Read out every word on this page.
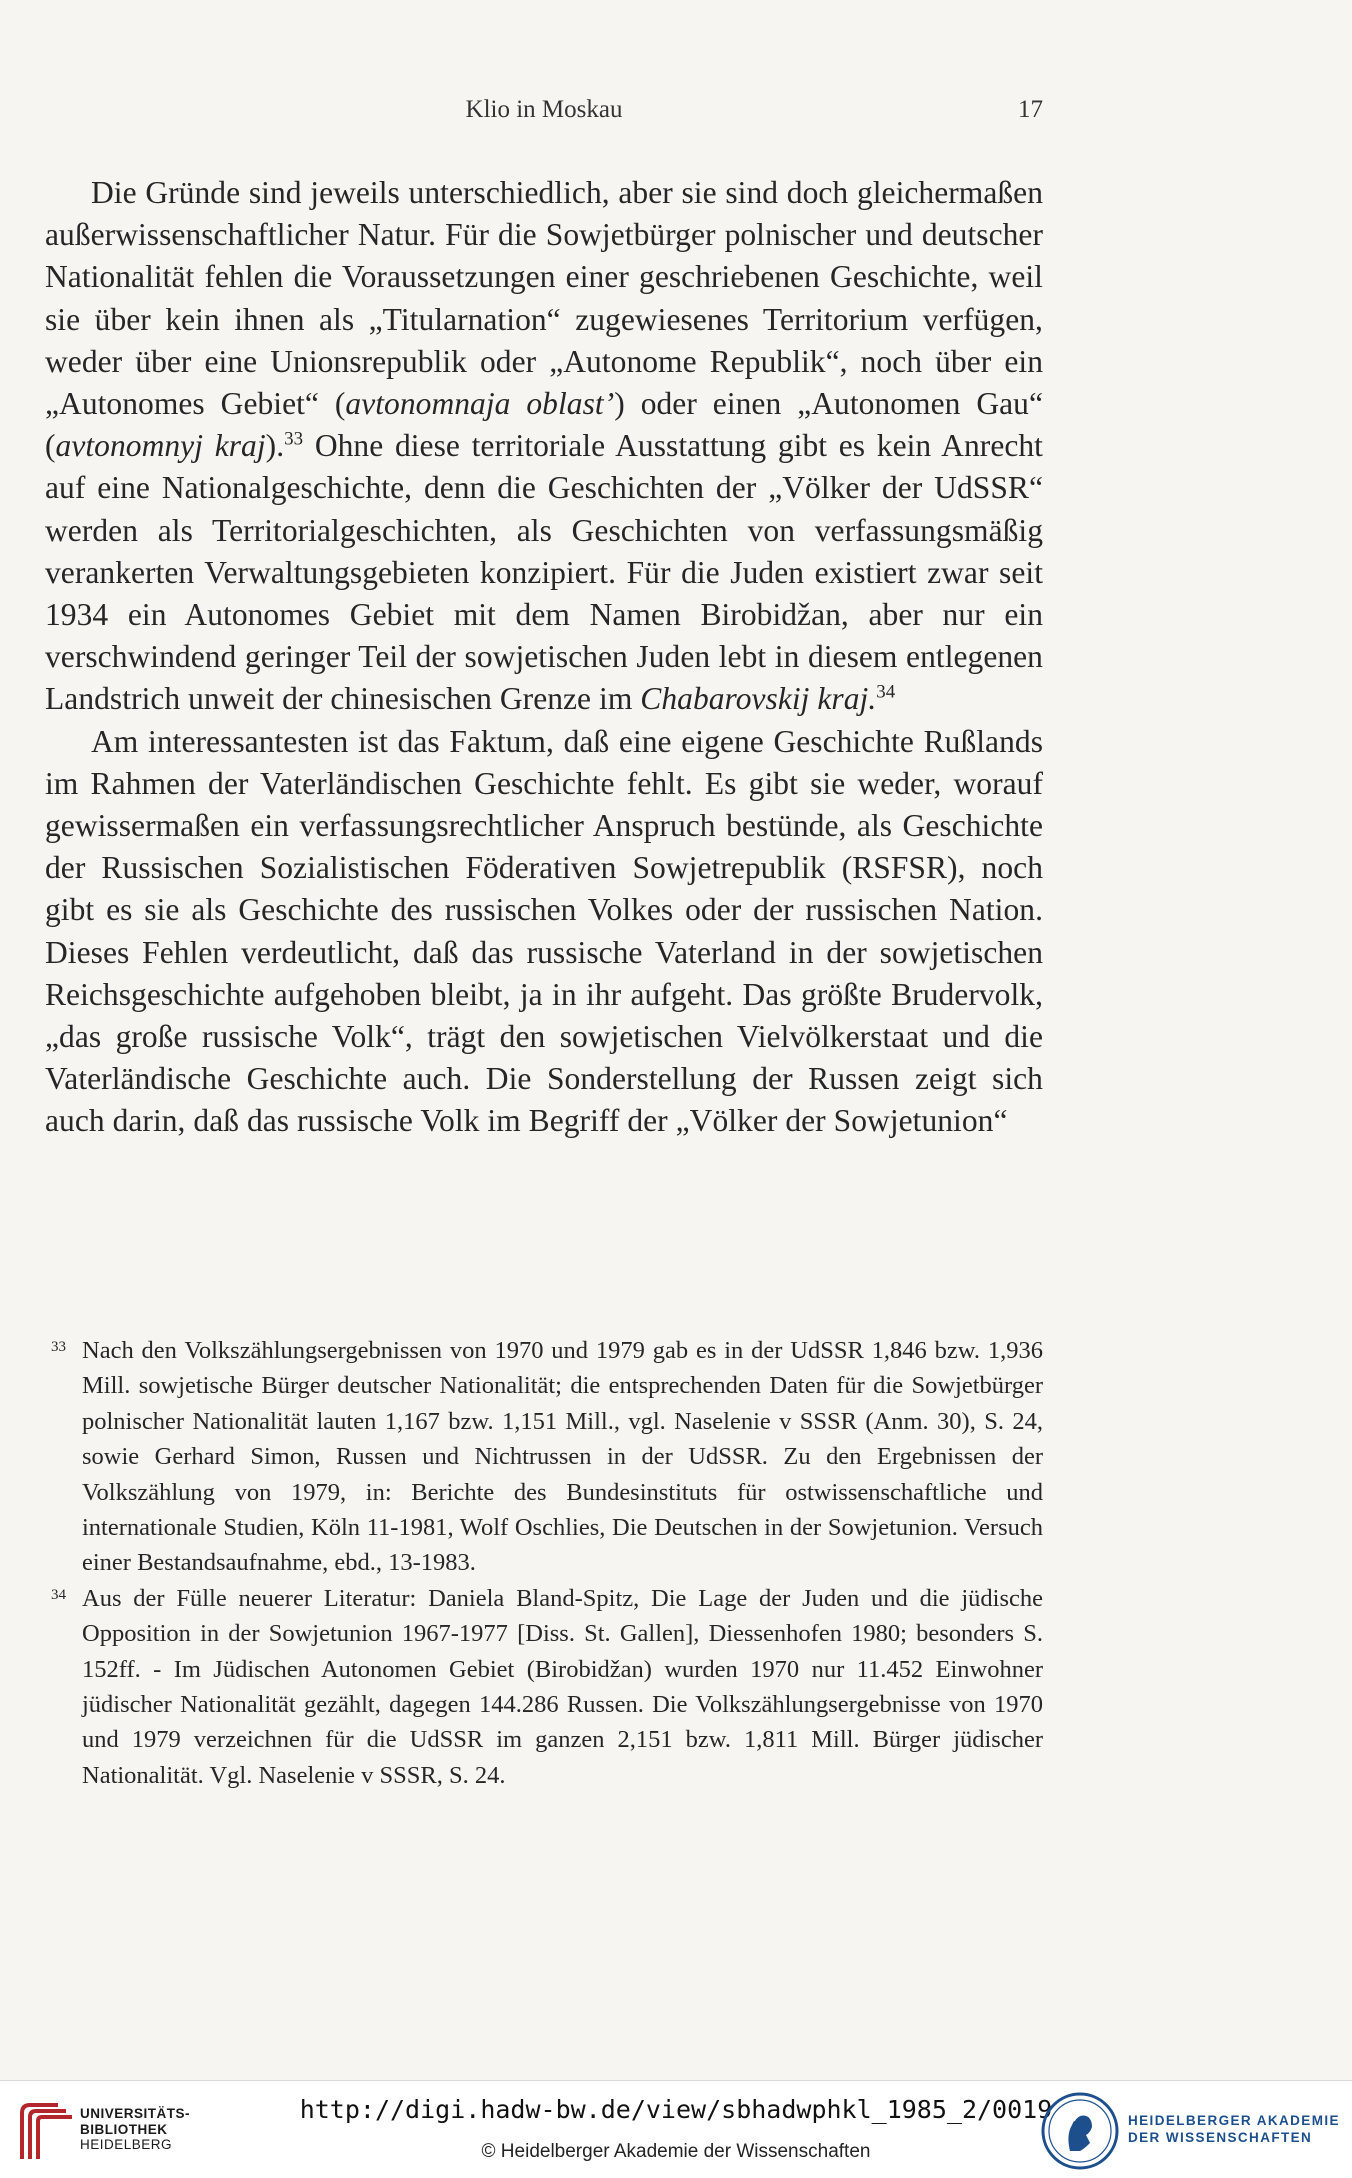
Klio in Moskau	17

Die Gründe sind jeweils unterschiedlich, aber sie sind doch gleichermaßen außerwissenschaftlicher Natur. Für die Sowjetbürger polnischer und deutscher Nationalität fehlen die Voraussetzungen einer geschriebenen Geschichte, weil sie über kein ihnen als „Titularnation“ zugewiesenes Territorium verfügen, weder über eine Unionsrepublik oder „Autonome Republik“, noch über ein „Autonomes Gebiet“ (avtonomnaja oblast’) oder einen „Autonomen Gau“ (avtonomnyj kraj).$^{33}$ Ohne diese territoriale Ausstattung gibt es kein Anrecht auf eine Nationalgeschichte, denn die Geschichten der „Völker der UdSSR“ werden als Territorialgeschichten, als Geschichten von verfassungsmäßig verankerten Verwaltungsgebieten konzipiert. Für die Juden existiert zwar seit 1934 ein Autonomes Gebiet mit dem Namen Birobidžan, aber nur ein verschwindend geringer Teil der sowjetischen Juden lebt in diesem entlegenen Landstrich unweit der chinesischen Grenze im Chabarovskij kraj.$^{34}$

Am interessantesten ist das Faktum, daß eine eigene Geschichte Rußlands im Rahmen der Vaterländischen Geschichte fehlt. Es gibt sie weder, worauf gewissermaßen ein verfassungsrechtlicher Anspruch bestünde, als Geschichte der Russischen Sozialistischen Föderativen Sowjetrepublik (RSFSR), noch gibt es sie als Geschichte des russischen Volkes oder der russischen Nation. Dieses Fehlen verdeutlicht, daß das russische Vaterland in der sowjetischen Reichsgeschichte aufgehoben bleibt, ja in ihr aufgeht. Das größte Brudervolk, „das große russische Volk“, trägt den sowjetischen Vielvölkerstaat und die Vaterländische Geschichte auch. Die Sonderstellung der Russen zeigt sich auch darin, daß das russische Volk im Begriff der „Völker der Sowjetunion“

33 Nach den Volkszählungsergebnissen von 1970 und 1979 gab es in der UdSSR 1,846 bzw. 1,936 Mill. sowjetische Bürger deutscher Nationalität; die entsprechenden Daten für die Sowjetbürger polnischer Nationalität lauten 1,167 bzw. 1,151 Mill., vgl. Naselenie v SSSR (Anm. 30), S. 24, sowie Gerhard Simon, Russen und Nichtrussen in der UdSSR. Zu den Ergebnissen der Volkszählung von 1979, in: Berichte des Bundesinstituts für ostwissenschaftliche und internationale Studien, Köln 11-1981, Wolf Oschlies, Die Deutschen in der Sowjetunion. Versuch einer Bestandsaufnahme, ebd., 13-1983.

34 Aus der Fülle neuerer Literatur: Daniela Bland-Spitz, Die Lage der Juden und die jüdische Opposition in der Sowjetunion 1967-1977 [Diss. St. Gallen], Diessenhofen 1980; besonders S. 152ff. - Im Jüdischen Autonomen Gebiet (Birobidžan) wurden 1970 nur 11.452 Einwohner jüdischer Nationalität gezählt, dagegen 144.286 Russen. Die Volkszählungsergebnisse von 1970 und 1979 verzeichnen für die UdSSR im ganzen 2,151 bzw. 1,811 Mill. Bürger jüdischer Nationalität. Vgl. Naselenie v SSSR, S. 24.

UNIVERSITÄTS-
BIBLIOTHEK
HEIDELBERG
http://digi.hadw-bw.de/view/sbhadwphkl_1985_2/0019
© Heidelberger Akademie der Wissenschaften
HEIDELBERGER AKADEMIE
DER WISSENSCHAFTEN
